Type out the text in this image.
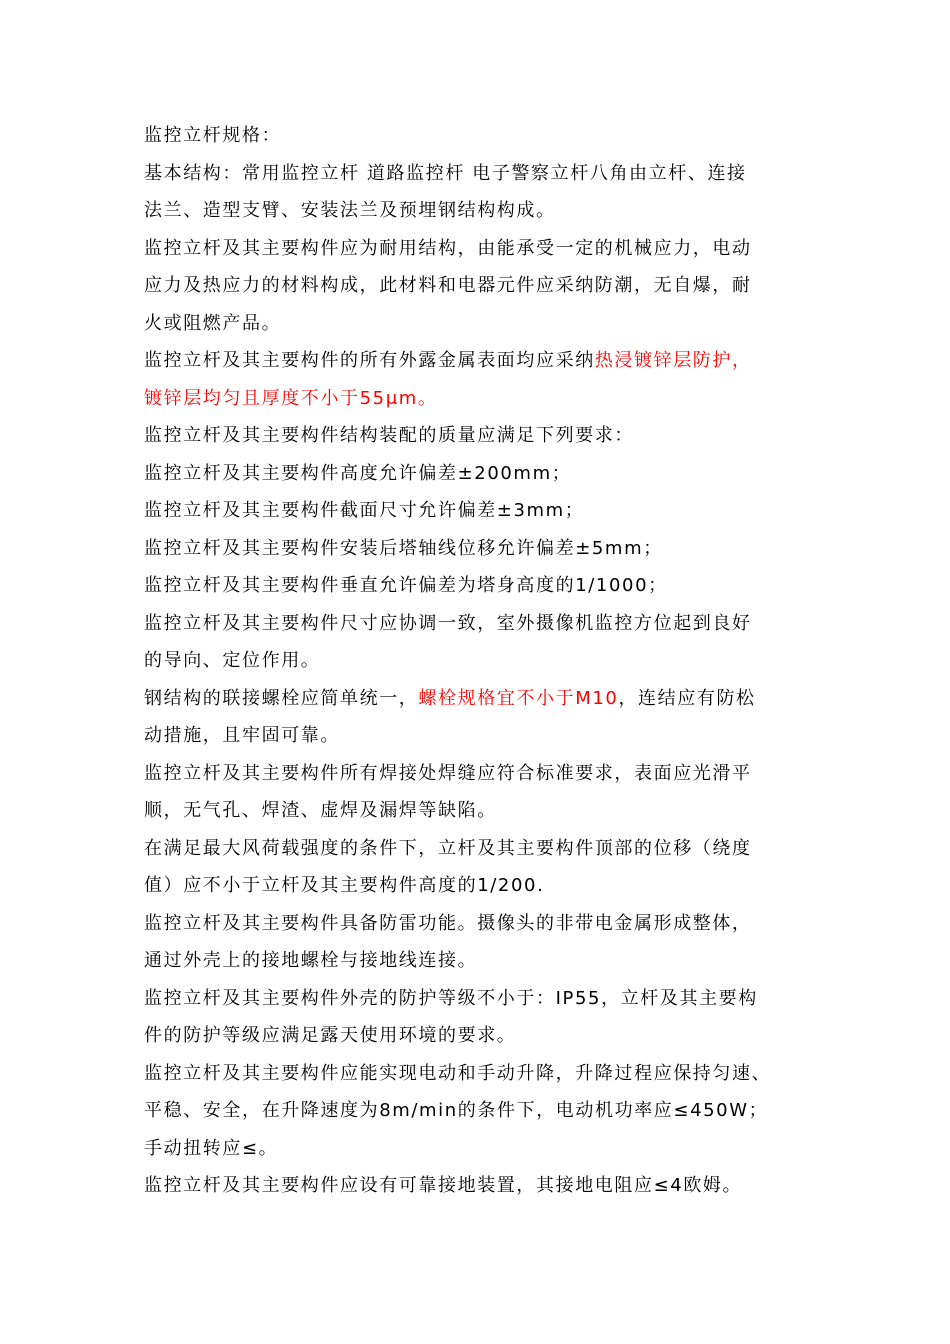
监控立杆规格：
基本结构：常用监控立杆 道路监控杆 电子警察立杆八角由立杆、连接
法兰、造型支臂、安装法兰及预埋钢结构构成。
监控立杆及其主要构件应为耐用结构，由能承受一定的机械应力，电动
应力及热应力的材料构成，此材料和电器元件应采纳防潮，无自爆，耐
火或阻燃产品。
监控立杆及其主要构件的所有外露金属表面均应采纳热浸镀锌层防护，
镀锌层均匀且厚度不小于55μm。
监控立杆及其主要构件结构装配的质量应满足下列要求：
监控立杆及其主要构件高度允许偏差±200mm；
监控立杆及其主要构件截面尺寸允许偏差±3mm；
监控立杆及其主要构件安装后塔轴线位移允许偏差±5mm；
监控立杆及其主要构件垂直允许偏差为塔身高度的1/1000；
监控立杆及其主要构件尺寸应协调一致，室外摄像机监控方位起到良好
的导向、定位作用。
钢结构的联接螺栓应简单统一，螺栓规格宜不小于M10，连结应有防松
动措施，且牢固可靠。
监控立杆及其主要构件所有焊接处焊缝应符合标准要求，表面应光滑平
顺，无气孔、焊渣、虚焊及漏焊等缺陷。
在满足最大风荷载强度的条件下，立杆及其主要构件顶部的位移（绕度
值）应不小于立杆及其主要构件高度的1/200.
监控立杆及其主要构件具备防雷功能。摄像头的非带电金属形成整体，
通过外壳上的接地螺栓与接地线连接。
监控立杆及其主要构件外壳的防护等级不小于：IP55，立杆及其主要构
件的防护等级应满足露天使用环境的要求。
监控立杆及其主要构件应能实现电动和手动升降，升降过程应保持匀速、
平稳、安全，在升降速度为8m/min的条件下，电动机功率应≤450W；
手动扭转应≤。
监控立杆及其主要构件应设有可靠接地装置，其接地电阻应≤4欧姆。
